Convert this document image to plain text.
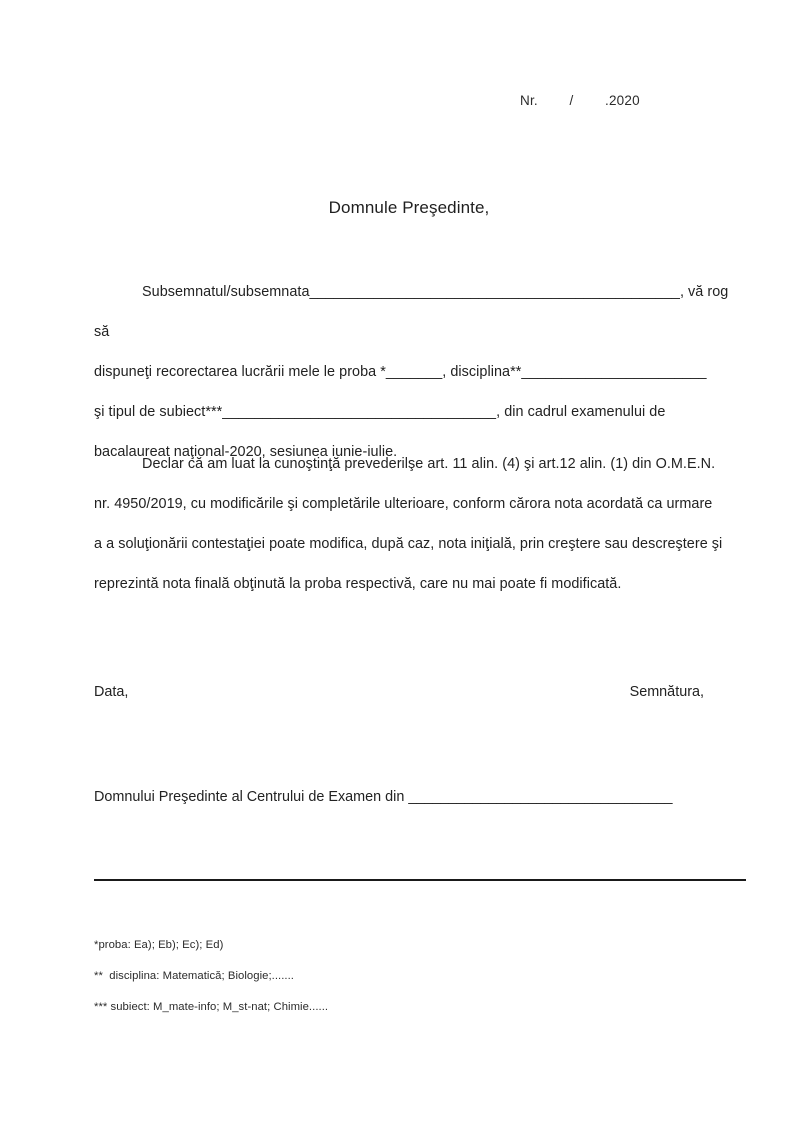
Nr.        /        .2020
Domnule Preşedinte,
Subsemnatul/subsemnata______________________________________________, vă rog să
dispuneţi recorectarea lucrării mele le proba *_______, disciplina**_______________________
şi tipul de subiect***__________________________________, din cadrul examenului de
bacalaureat naţional-2020, sesiunea iunie-iulie.
Declar că am luat la cunoştinţă prevederilşe art. 11 alin. (4) şi art.12 alin. (1) din O.M.E.N.
nr. 4950/2019, cu modificările şi completările ulterioare, conform cărora nota acordată ca urmare
a a soluţionării contestaţiei poate modifica, după caz, nota iniţială, prin creştere sau descreştere şi
reprezintă nota finală obţinută la proba respectivă, care nu mai poate fi modificată.
Data,	Semnătura,
Domnului Preşedinte al Centrului de Examen din _________________________________
*proba: Ea); Eb); Ec); Ed)
**  disciplina: Matematică; Biologie;.......
*** subiect: M_mate-info; M_st-nat; Chimie......
